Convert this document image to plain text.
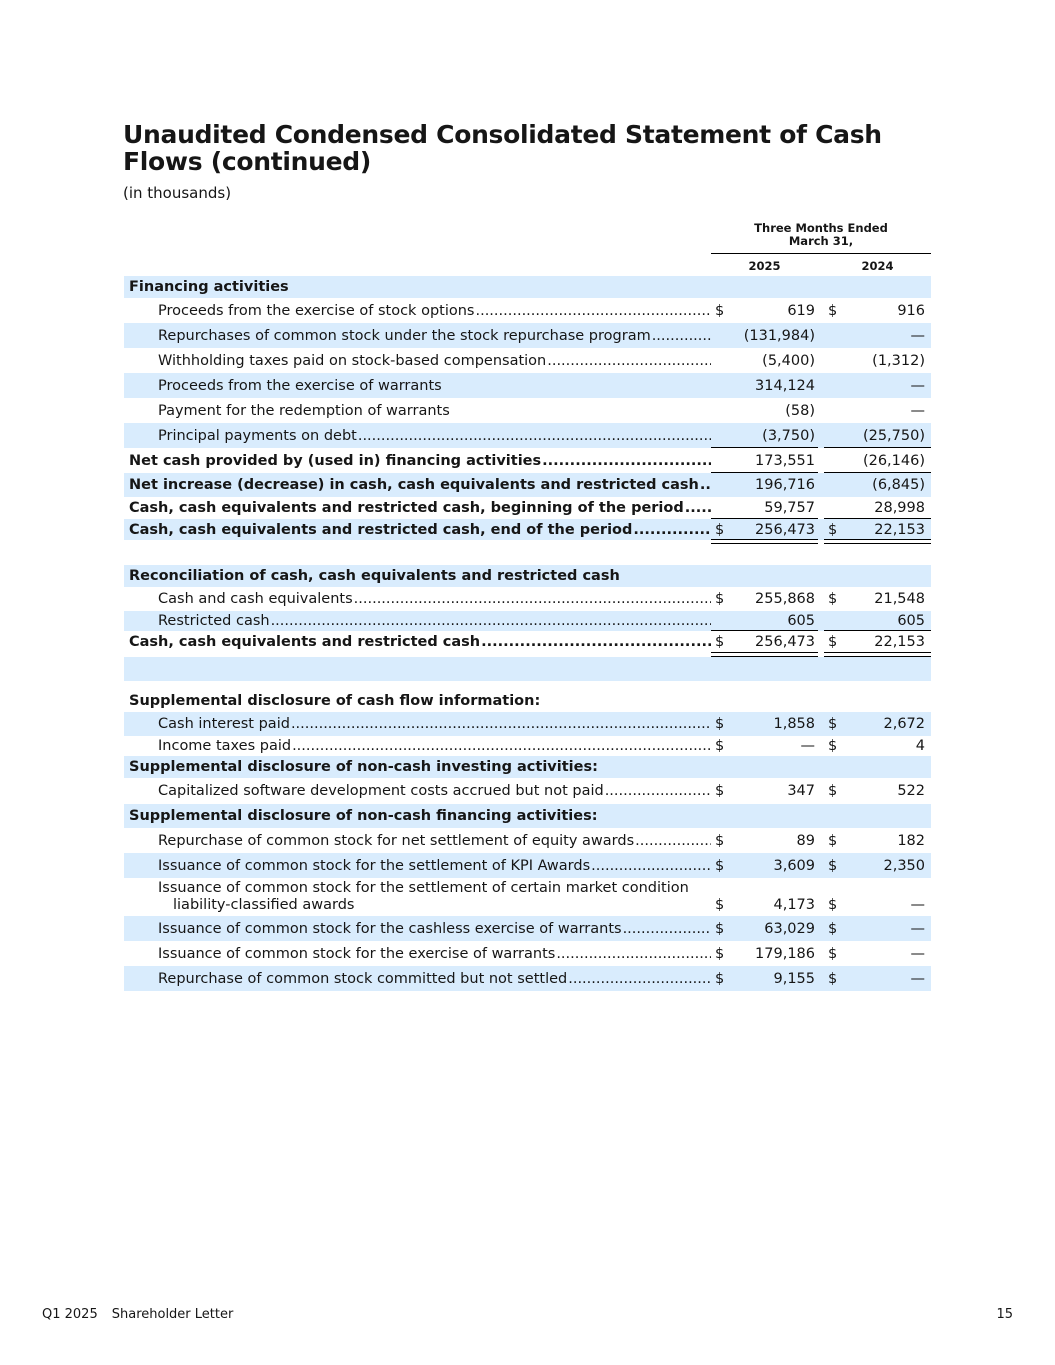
Unaudited Condensed Consolidated Statement of Cash Flows (continued)

(in thousands)

Three Months Ended
March 31,
2025	2024
Financing activities
Proceeds from the exercise of stock options .....	$	619 $	916
Repurchases of common stock under the stock repurchase program .....	(131,984)	—
Withholding taxes paid on stock-based compensation .....	(5,400)	(1,312)
Proceeds from the exercise of warrants	314,124	—
Payment for the redemption of warrants	(58)	—
Principal payments on debt .....	(3,750)	(25,750)
Net cash provided by (used in) financing activities .....	173,551	(26,146)
Net increase (decrease) in cash, cash equivalents and restricted cash .....	196,716	(6,845)
Cash, cash equivalents and restricted cash, beginning of the period .....	59,757	28,998
Cash, cash equivalents and restricted cash, end of the period .....	$	256,473 $	22,153
Reconciliation of cash, cash equivalents and restricted cash
Cash and cash equivalents .....	$	255,868 $	21,548
Restricted cash .....	605	605
Cash, cash equivalents and restricted cash .....	$	256,473 $	22,153
Supplemental disclosure of cash flow information:
Cash interest paid .....	$	1,858 $	2,672
Income taxes paid .....	$	— $	4
Supplemental disclosure of non-cash investing activities:
Capitalized software development costs accrued but not paid .....	$	347 $	522
Supplemental disclosure of non-cash financing activities:
Repurchase of common stock for net settlement of equity awards .....	$	89 $	182
Issuance of common stock for the settlement of KPI Awards .....	$	3,609 $	2,350
Issuance of common stock for the settlement of certain market condition
liability-classified awards	$	4,173 $	—
Issuance of common stock for the cashless exercise of warrants .....	$	63,029 $	—
Issuance of common stock for the exercise of warrants .....	$	179,186 $	—
Repurchase of common stock committed but not settled .....	$	9,155 $	—
Q1 2025 Shareholder Letter	15
